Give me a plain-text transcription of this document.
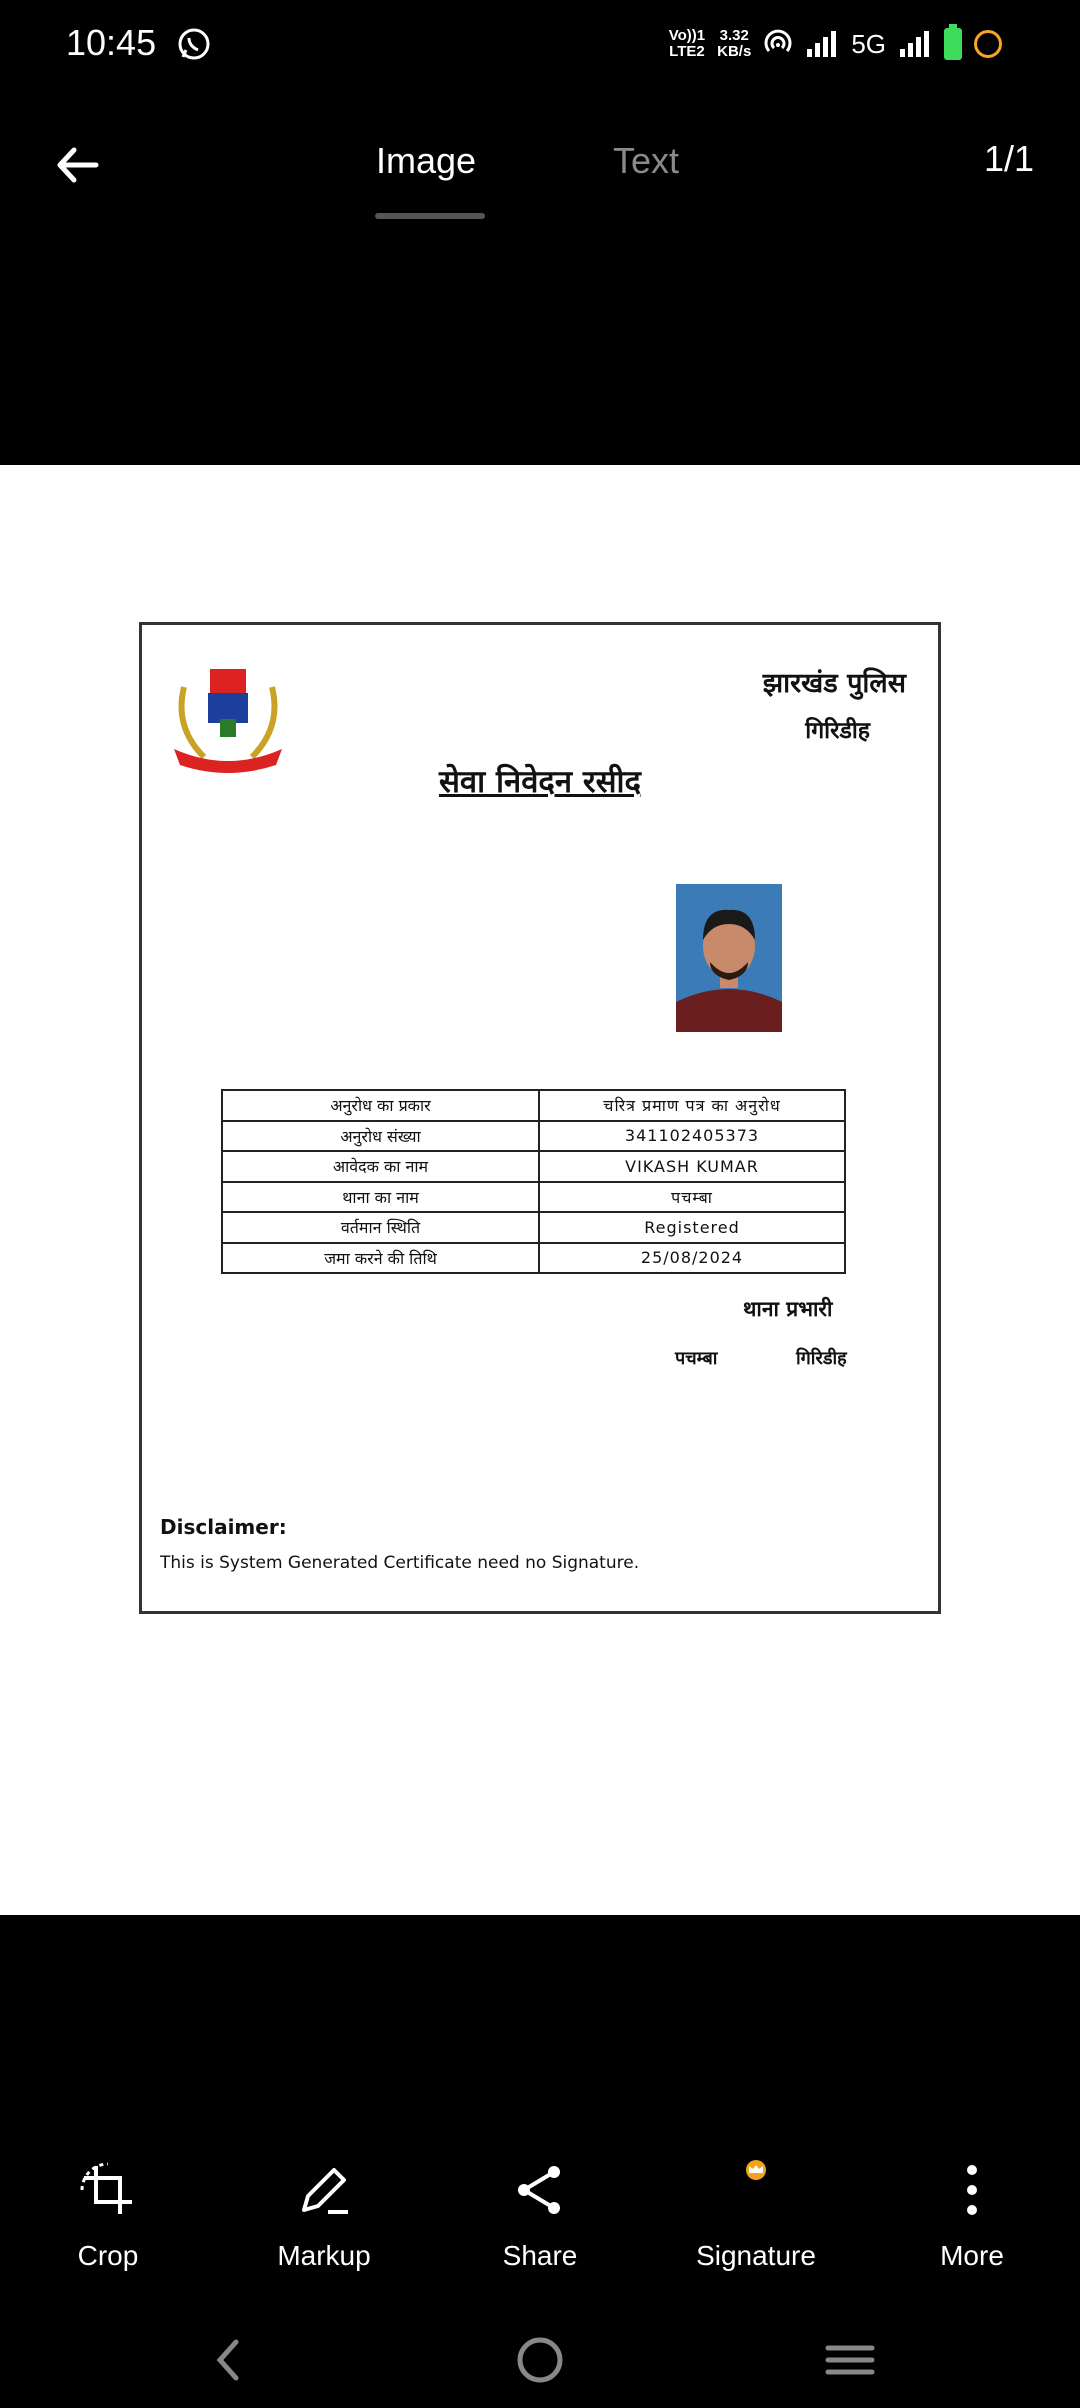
10:45	Vo))1
LTE2
3.32
KB/s	5G
Image	Text	1/1
झारखंड पुलिस
गिरिडीह
सेवा निवेदन रसीद
अनुरोध का प्रकार	चरित्र प्रमाण पत्र का अनुरोध
अनुरोध संख्या	341102405373
आवेदक का नाम	VIKASH KUMAR
थाना का नाम	पचम्बा
वर्तमान स्थिति	Registered
जमा करने की तिथि	25/08/2024
थाना प्रभारी
पचम्बा	गिरिडीह
Disclaimer:
This is System Generated Certificate need no Signature.
Crop	Markup	Share	Signature	More
